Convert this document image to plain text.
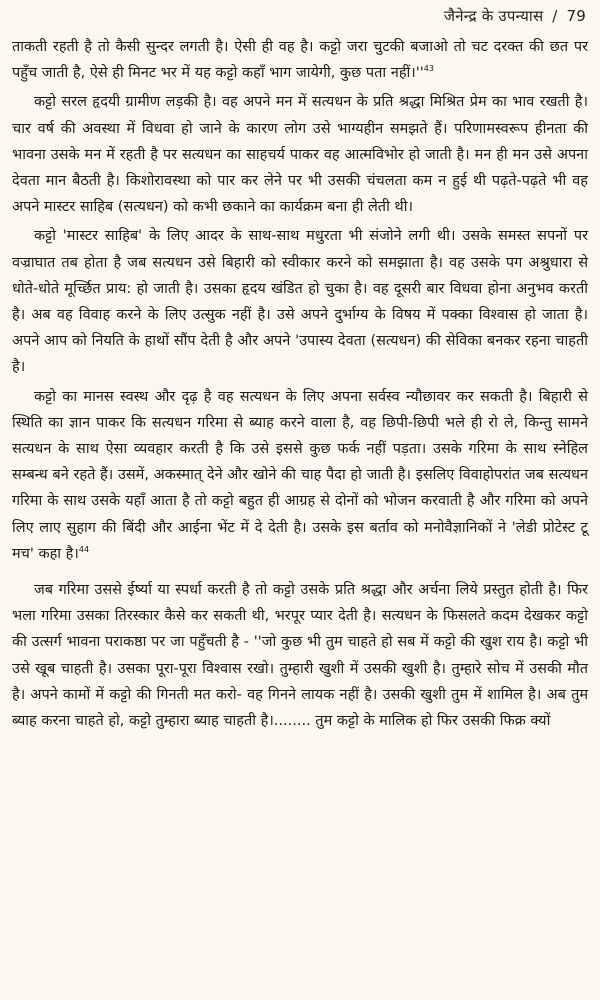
जैनेन्द्र के उपन्यास / 79

ताकती रहती है तो कैसी सुन्दर लगती है। ऐसी ही वह है। कट्टो जरा चुटकी बजाओ तो चट दरक्त की छत पर पहुँच जाती है, ऐसे ही मिनट भर में यह कट्टो कहाँ भाग जायेगी, कुछ पता नहीं।''$^{43}$

कट्टो सरल हृदयी ग्रामीण लड़की है। वह अपने मन में सत्यधन के प्रति श्रद्धा मिश्रित प्रेम का भाव रखती है। चार वर्ष की अवस्था में विधवा हो जाने के कारण लोग उसे भाग्यहीन समझते हैं। परिणामस्वरूप हीनता की भावना उसके मन में रहती है पर सत्यधन का साहचर्य पाकर वह आत्मविभोर हो जाती है। मन ही मन उसे अपना देवता मान बैठती है। किशोरावस्था को पार कर लेने पर भी उसकी चंचलता कम न हुई थी पढ़ते-पढ़ते भी वह अपने मास्टर साहिब (सत्यधन) को कभी छकाने का कार्यक्रम बना ही लेती थी।

कट्टो 'मास्टर साहिब' के लिए आदर के साथ-साथ मधुरता भी संजोने लगी थी। उसके समस्त सपनों पर वज्राघात तब होता है जब सत्यधन उसे बिहारी को स्वीकार करने को समझाता है। वह उसके पग अश्रुधारा से धोते-धोते मूर्च्छित प्राय: हो जाती है। उसका हृदय खंडित हो चुका है। वह दूसरी बार विधवा होना अनुभव करती है। अब वह विवाह करने के लिए उत्सुक नहीं है। उसे अपने दुर्भाग्य के विषय में पक्का विश्वास हो जाता है। अपने आप को नियति के हाथों सौंप देती है और अपने 'उपास्य देवता (सत्यधन) की सेविका बनकर रहना चाहती है।

कट्टो का मानस स्वस्थ और दृढ़ है वह सत्यधन के लिए अपना सर्वस्व न्यौछावर कर सकती है। बिहारी से स्थिति का ज्ञान पाकर कि सत्यधन गरिमा से ब्याह करने वाला है, वह छिपी-छिपी भले ही रो ले, किन्तु सामने सत्यधन के साथ ऐसा व्यवहार करती है कि उसे इससे कुछ फर्क नहीं पड़ता। उसके गरिमा के साथ स्नेहिल सम्बन्ध बने रहते हैं। उसमें, अकस्मात् देने और खोने की चाह पैदा हो जाती है। इसलिए विवाहोपरांत जब सत्यधन गरिमा के साथ उसके यहाँ आता है तो कट्टो बहुत ही आग्रह से दोनों को भोजन करवाती है और गरिमा को अपने लिए लाए सुहाग की बिंदी और आईना भेंट में दे देती है। उसके इस बर्ताव को मनोवैज्ञानिकों ने 'लेडी प्रोटेस्ट टू मच' कहा है।$^{44}$

जब गरिमा उससे ईर्ष्या या स्पर्धा करती है तो कट्टो उसके प्रति श्रद्धा और अर्चना लिये प्रस्तुत होती है। फिर भला गरिमा उसका तिरस्कार कैसे कर सकती थी, भरपूर प्यार देती है। सत्यधन के फिसलते कदम देखकर कट्टो की उत्सर्ग भावना पराकष्ठा पर जा पहुँचती है - ''जो कुछ भी तुम चाहते हो सब में कट्टो की खुश राय है। कट्टो भी उसे खूब चाहती है। उसका पूरा-पूरा विश्वास रखो। तुम्हारी खुशी में उसकी खुशी है। तुम्हारे सोच में उसकी मौत है। अपने कामों में कट्टो की गिनती मत करो- वह गिनने लायक नहीं है। उसकी खुशी तुम में शामिल है। अब तुम ब्याह करना चाहते हो, कट्टो तुम्हारा ब्याह चाहती है।........ तुम कट्टो के मालिक हो फिर उसकी फिक्र क्यों
